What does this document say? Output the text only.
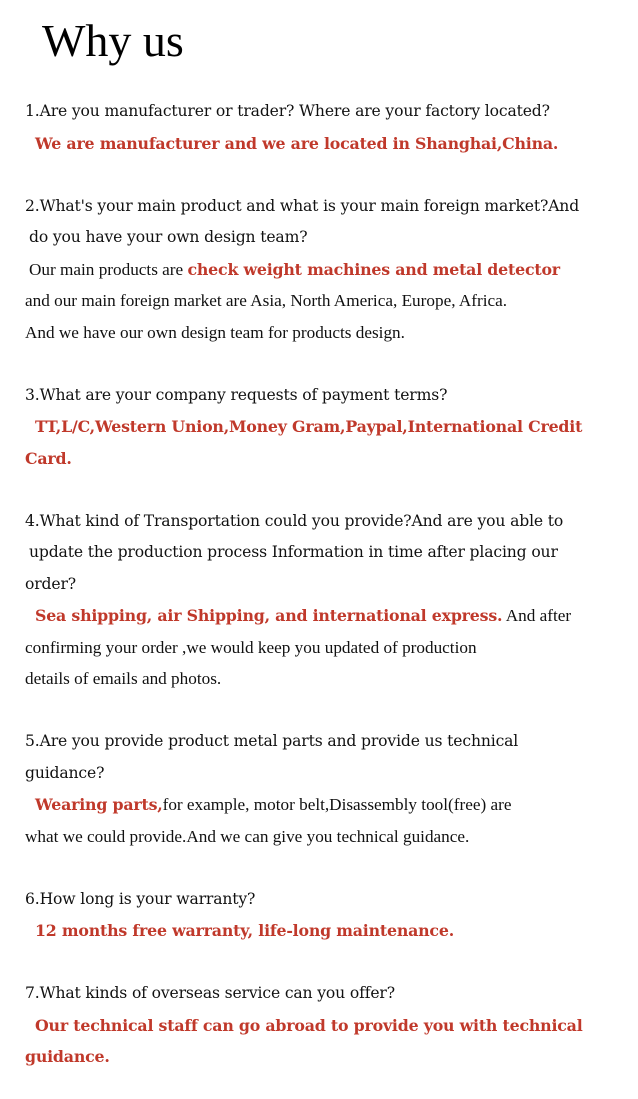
Why us
1.Are you manufacturer or trader? Where are your factory located?
We are manufacturer and we are located in Shanghai,China.
2.What's your main product and what is your main foreign market?And
do you have your own design team?
Our main products are check weight machines and metal detector
and our main foreign market are Asia, North America, Europe, Africa.
And we have our own design team for products design.
3.What are your company requests of payment terms?
TT,L/C,Western Union,Money Gram,Paypal,International Credit
Card.
4.What kind of Transportation could you provide?And are you able to
update the production process Information in time after placing our
order?
Sea shipping, air Shipping, and international express. And after
confirming your order ,we would keep you updated of production
details of emails and photos.
5.Are you provide product metal parts and provide us technical
guidance?
Wearing parts,for example, motor belt,Disassembly tool(free) are
what we could provide.And we can give you technical guidance.
6.How long is your warranty?
12 months free warranty, life-long maintenance.
7.What kinds of overseas service can you offer?
Our technical staff can go abroad to provide you with technical
guidance.
